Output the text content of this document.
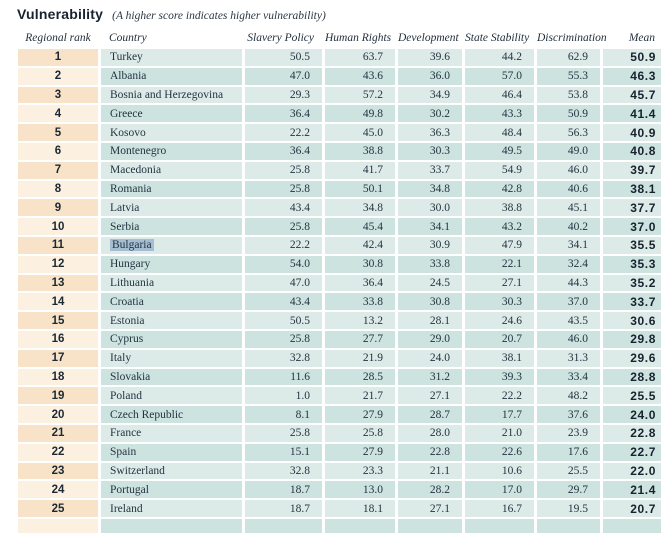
Vulnerability (A higher score indicates higher vulnerability)
Regional rank	Country	Slavery Policy	Human Rights	Development	State Stability	Discrimination	Mean
1	Turkey	50.5	63.7	39.6	44.2	62.9	50.9
2	Albania	47.0	43.6	36.0	57.0	55.3	46.3
3	Bosnia and Herzegovina	29.3	57.2	34.9	46.4	53.8	45.7
4	Greece	36.4	49.8	30.2	43.3	50.9	41.4
5	Kosovo	22.2	45.0	36.3	48.4	56.3	40.9
6	Montenegro	36.4	38.8	30.3	49.5	49.0	40.8
7	Macedonia	25.8	41.7	33.7	54.9	46.0	39.7
8	Romania	25.8	50.1	34.8	42.8	40.6	38.1
9	Latvia	43.4	34.8	30.0	38.8	45.1	37.7
10	Serbia	25.8	45.4	34.1	43.2	40.2	37.0
11	Bulgaria	22.2	42.4	30.9	47.9	34.1	35.5
12	Hungary	54.0	30.8	33.8	22.1	32.4	35.3
13	Lithuania	47.0	36.4	24.5	27.1	44.3	35.2
14	Croatia	43.4	33.8	30.8	30.3	37.0	33.7
15	Estonia	50.5	13.2	28.1	24.6	43.5	30.6
16	Cyprus	25.8	27.7	29.0	20.7	46.0	29.8
17	Italy	32.8	21.9	24.0	38.1	31.3	29.6
18	Slovakia	11.6	28.5	31.2	39.3	33.4	28.8
19	Poland	1.0	21.7	27.1	22.2	48.2	25.5
20	Czech Republic	8.1	27.9	28.7	17.7	37.6	24.0
21	France	25.8	25.8	28.0	21.0	23.9	22.8
22	Spain	15.1	27.9	22.8	22.6	17.6	22.7
23	Switzerland	32.8	23.3	21.1	10.6	25.5	22.0
24	Portugal	18.7	13.0	28.2	17.0	29.7	21.4
25	Ireland	18.7	18.1	27.1	16.7	19.5	20.7
